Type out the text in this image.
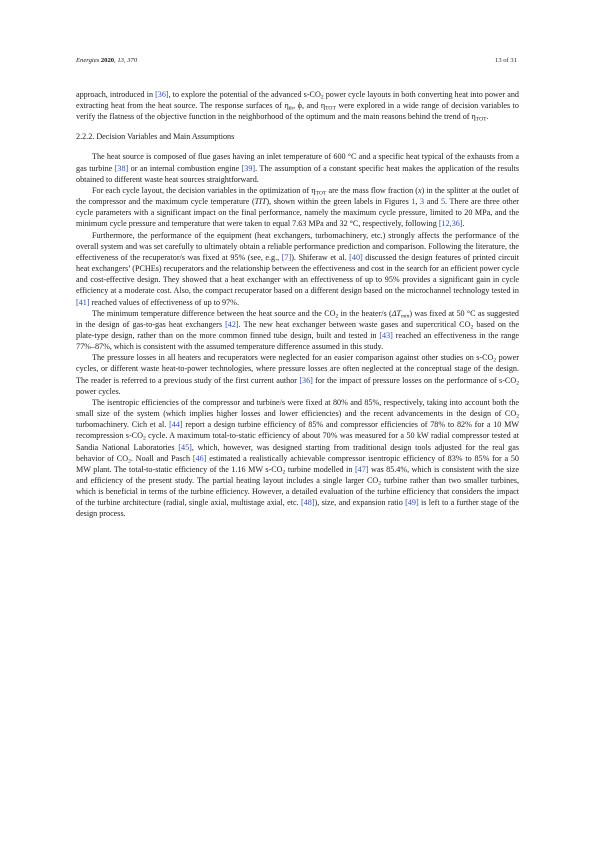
Energies 2020, 13, 370	13 of 31

approach, introduced in [36], to explore the potential of the advanced $s-CO_2$ power cycle layouts in both converting heat into power and extracting heat from the heat source. The response surfaces of $\eta_{th}$, ϕ, and $\eta_{TOT}$ were explored in a wide range of decision variables to verify the flatness of the objective function in the neighborhood of the optimum and the main reasons behind the trend of $\eta_{TOT}$.

2.2.2. Decision Variables and Main Assumptions

The heat source is composed of flue gases having an inlet temperature of 600 °C and a specific heat typical of the exhausts from a gas turbine [38] or an internal combustion engine [39]. The assumption of a constant specific heat makes the application of the results obtained to different waste heat sources straightforward.

For each cycle layout, the decision variables in the optimization of $\eta_{TOT}$ are the mass flow fraction (x) in the splitter at the outlet of the compressor and the maximum cycle temperature (TIT), shown within the green labels in Figures 1, 3 and 5. There are three other cycle parameters with a significant impact on the final performance, namely the maximum cycle pressure, limited to 20 MPa, and the minimum cycle pressure and temperature that were taken to equal 7.63 MPa and 32 °C, respectively, following [12,36].

Furthermore, the performance of the equipment (heat exchangers, turbomachinery, etc.) strongly affects the performance of the overall system and was set carefully to ultimately obtain a reliable performance prediction and comparison. Following the literature, the effectiveness of the recuperator/s was fixed at 95% (see, e.g., [7]). Shiferaw et al. [40] discussed the design features of printed circuit heat exchangers’ (PCHEs) recuperators and the relationship between the effectiveness and cost in the search for an efficient power cycle and cost-effective design. They showed that a heat exchanger with an effectiveness of up to 95% provides a significant gain in cycle efficiency at a moderate cost. Also, the compact recuperator based on a different design based on the microchannel technology tested in [41] reached values of effectiveness of up to 97%.

The minimum temperature difference between the heat source and the $CO_2$ in the heater/s $(\Delta T_{min})$ was fixed at 50 °C as suggested in the design of gas-to-gas heat exchangers [42]. The new heat exchanger between waste gases and supercritical $CO_2$ based on the plate-type design, rather than on the more common finned tube design, built and tested in [43] reached an effectiveness in the range 77%–87%, which is consistent with the assumed temperature difference assumed in this study.

The pressure losses in all heaters and recuperators were neglected for an easier comparison against other studies on $s-CO_2$ power cycles, or different waste heat-to-power technologies, where pressure losses are often neglected at the conceptual stage of the design. The reader is referred to a previous study of the first current author [36] for the impact of pressure losses on the performance of $s-CO_2$ power cycles.

The isentropic efficiencies of the compressor and turbine/s were fixed at 80% and 85%, respectively, taking into account both the small size of the system (which implies higher losses and lower efficiencies) and the recent advancements in the design of $CO_2$ turbomachinery. Cich et al. [44] report a design turbine efficiency of 85% and compressor efficiencies of 78% to 82% for a 10 MW recompression $s-CO_2$ cycle. A maximum total-to-static efficiency of about 70% was measured for a 50 kW radial compressor tested at Sandia National Laboratories [45], which, however, was designed starting from traditional design tools adjusted for the real gas behavior of $CO_2$. Noall and Pasch [46] estimated a realistically achievable compressor isentropic efficiency of 83% to 85% for a 50 MW plant. The total-to-static efficiency of the 1.16 MW $s-CO_2$ turbine modelled in [47] was 85.4%, which is consistent with the size and efficiency of the present study. The partial heating layout includes a single larger $CO_2$ turbine rather than two smaller turbines, which is beneficial in terms of the turbine efficiency. However, a detailed evaluation of the turbine efficiency that considers the impact of the turbine architecture (radial, single axial, multistage axial, etc. [48]), size, and expansion ratio [49] is left to a further stage of the design process.
